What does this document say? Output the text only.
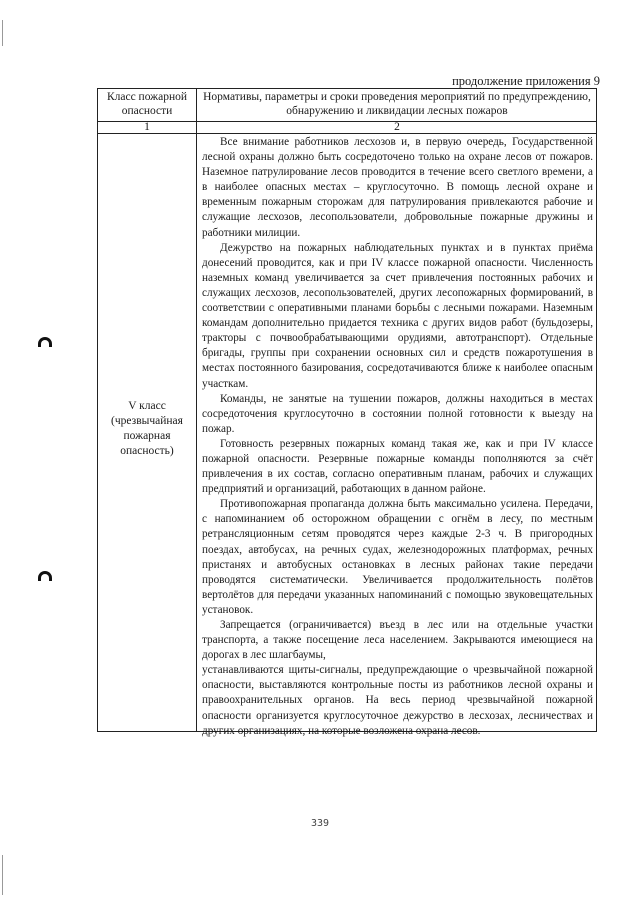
продолжение приложения 9
Класс пожарной опасности
Нормативы, параметры и сроки проведения мероприятий по предупреждению, обнаружению и ликвидации лесных пожаров
1	2
V класс (чрезвычайная пожарная опасность)

Все внимание работников лесхозов и, в первую очередь, Государственной лесной охраны должно быть сосредоточено только на охране лесов от пожаров. Наземное патрулирование лесов проводится в течение всего светлого времени, а в наиболее опасных местах – круглосуточно. В помощь лесной охране и временным пожарным сторожам для патрулирования привлекаются рабочие и служащие лесхозов, лесопользователи, добровольные пожарные дружины и работники милиции.

Дежурство на пожарных наблюдательных пунктах и в пунктах приёма донесений проводится, как и при IV классе пожарной опасности. Численность наземных команд увеличивается за счет привлечения постоянных рабочих и служащих лесхозов, лесопользователей, других лесопожарных формирований, в соответствии с оперативными планами борьбы с лесными пожарами. Наземным командам дополнительно придается техника с других видов работ (бульдозеры, тракторы с почвообрабатывающими орудиями, автотранспорт). Отдельные бригады, группы при сохранении основных сил и средств пожаротушения в местах постоянного базирования, сосредотачиваются ближе к наиболее опасным участкам.

Команды, не занятые на тушении пожаров, должны находиться в местах сосредоточения круглосуточно в состоянии полной готовности к выезду на пожар.

Готовность резервных пожарных команд такая же, как и при IV классе пожарной опасности. Резервные пожарные команды пополняются за счёт привлечения в их состав, согласно оперативным планам, рабочих и служащих предприятий и организаций, работающих в данном районе.

Противопожарная пропаганда должна быть максимально усилена. Передачи, с напоминанием об осторожном обращении с огнём в лесу, по местным ретрансляционным сетям проводятся через каждые 2-3 ч. В пригородных поездах, автобусах, на речных судах, железнодорожных платформах, речных пристанях и автобусных остановках в лесных районах такие передачи проводятся систематически. Увеличивается продолжительность полётов вертолётов для передачи указанных напоминаний с помощью звуковещательных установок.

Запрещается (ограничивается) въезд в лес или на отдельные участки транспорта, а также посещение леса населением. Закрываются имеющиеся на дорогах в лес шлагбаумы,

устанавливаются щиты-сигналы, предупреждающие о чрезвычайной пожарной опасности, выставляются контрольные посты из работников лесной охраны и правоохранительных органов. На весь период чрезвычайной пожарной опасности организуется круглосуточное дежурство в лесхозах, лесничествах и других организациях, на которые возложена охрана лесов.

339
